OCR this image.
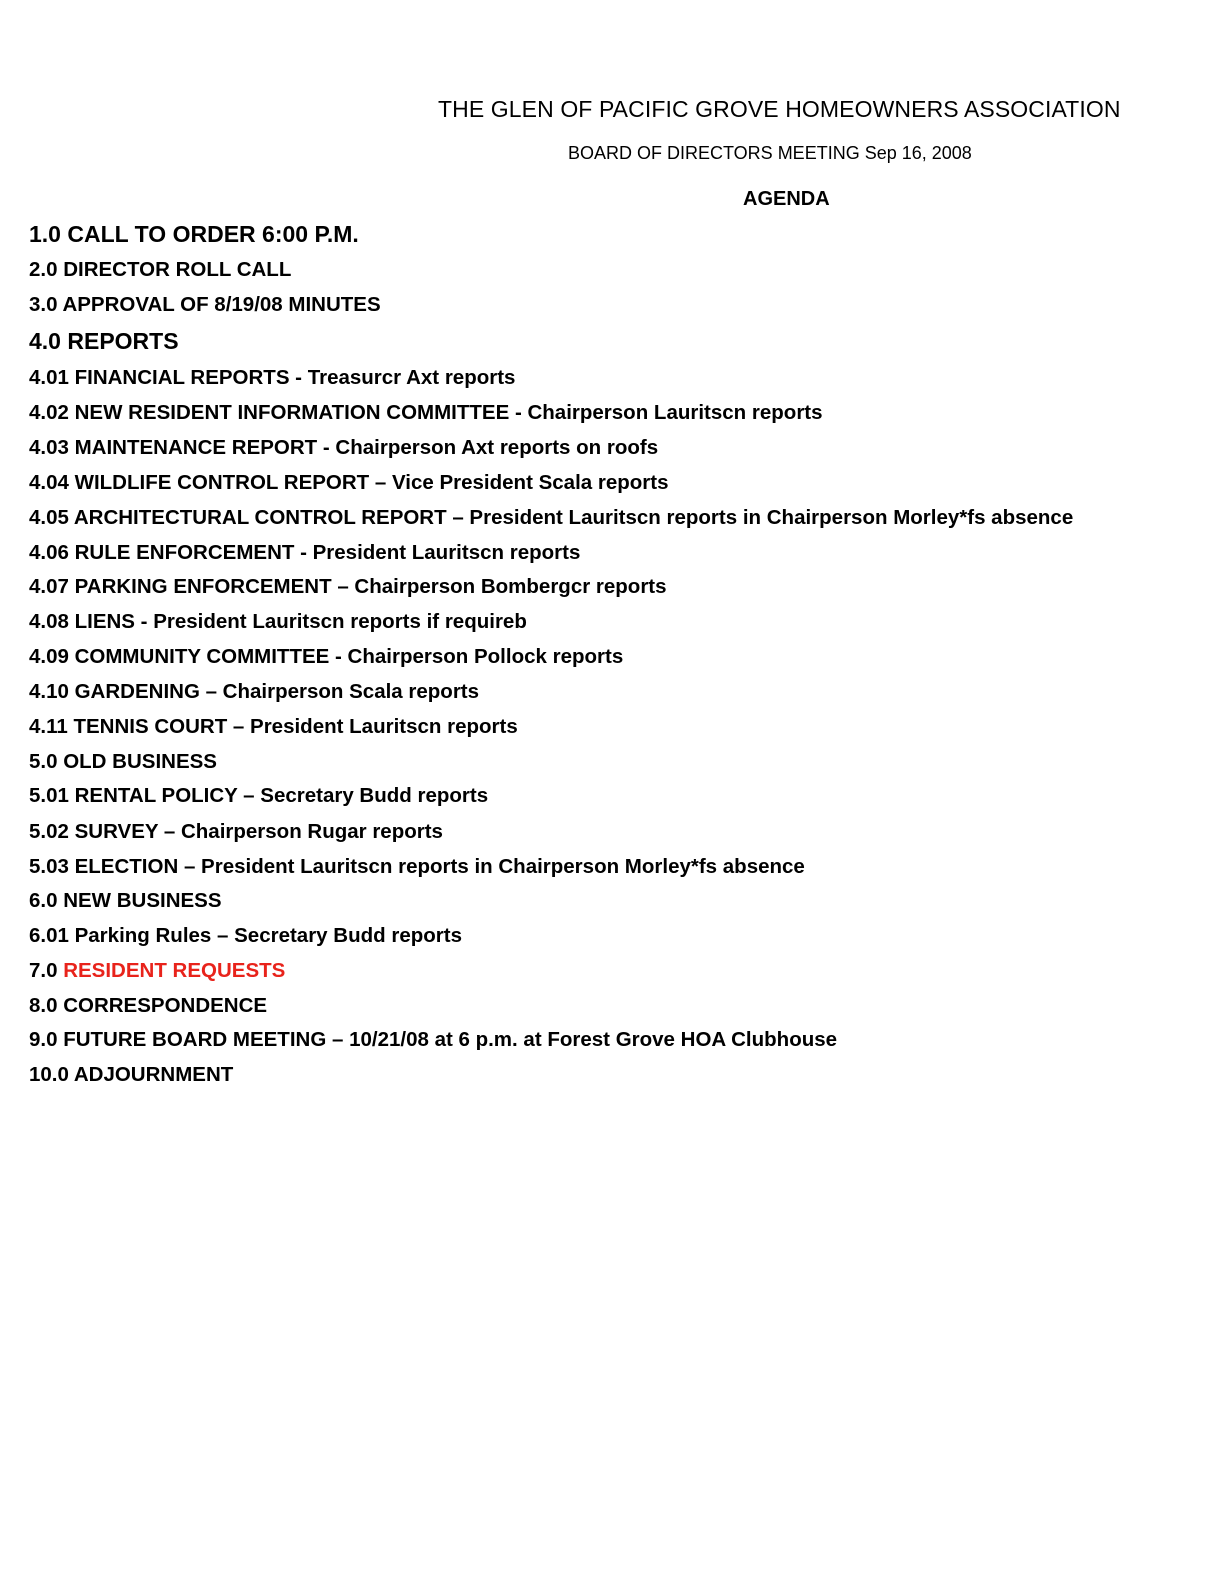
THE GLEN OF PACIFIC GROVE HOMEOWNERS ASSOCIATION
BOARD OF DIRECTORS MEETING Sep 16, 2008
AGENDA
1.0 CALL TO ORDER 6:00 P.M.
2.0 DIRECTOR ROLL CALL
3.0 APPROVAL OF 8/19/08 MINUTES
4.0 REPORTS
4.01 FINANCIAL REPORTS - Treasurcr Axt reports
4.02 NEW RESIDENT INFORMATION COMMITTEE - Chairperson Lauritscn reports
4.03 MAINTENANCE REPORT - Chairperson Axt reports on roofs
4.04 WILDLIFE CONTROL REPORT – Vice President Scala reports
4.05 ARCHITECTURAL CONTROL REPORT – President Lauritscn reports in Chairperson Morley*fs absence
4.06 RULE ENFORCEMENT - President Lauritscn reports
4.07 PARKING ENFORCEMENT – Chairperson Bombergcr reports
4.08 LIENS - President Lauritscn reports if requireb
4.09 COMMUNITY COMMITTEE - Chairperson Pollock reports
4.10 GARDENING – Chairperson Scala reports
4.11 TENNIS COURT – President Lauritscn reports
5.0 OLD BUSINESS
5.01 RENTAL POLICY – Secretary Budd reports
5.02 SURVEY – Chairperson Rugar reports
5.03 ELECTION – President Lauritscn reports in Chairperson Morley*fs absence
6.0 NEW BUSINESS
6.01 Parking Rules – Secretary Budd reports
7.0 RESIDENT REQUESTS
8.0 CORRESPONDENCE
9.0 FUTURE BOARD MEETING – 10/21/08 at 6 p.m. at Forest Grove HOA Clubhouse
10.0 ADJOURNMENT
